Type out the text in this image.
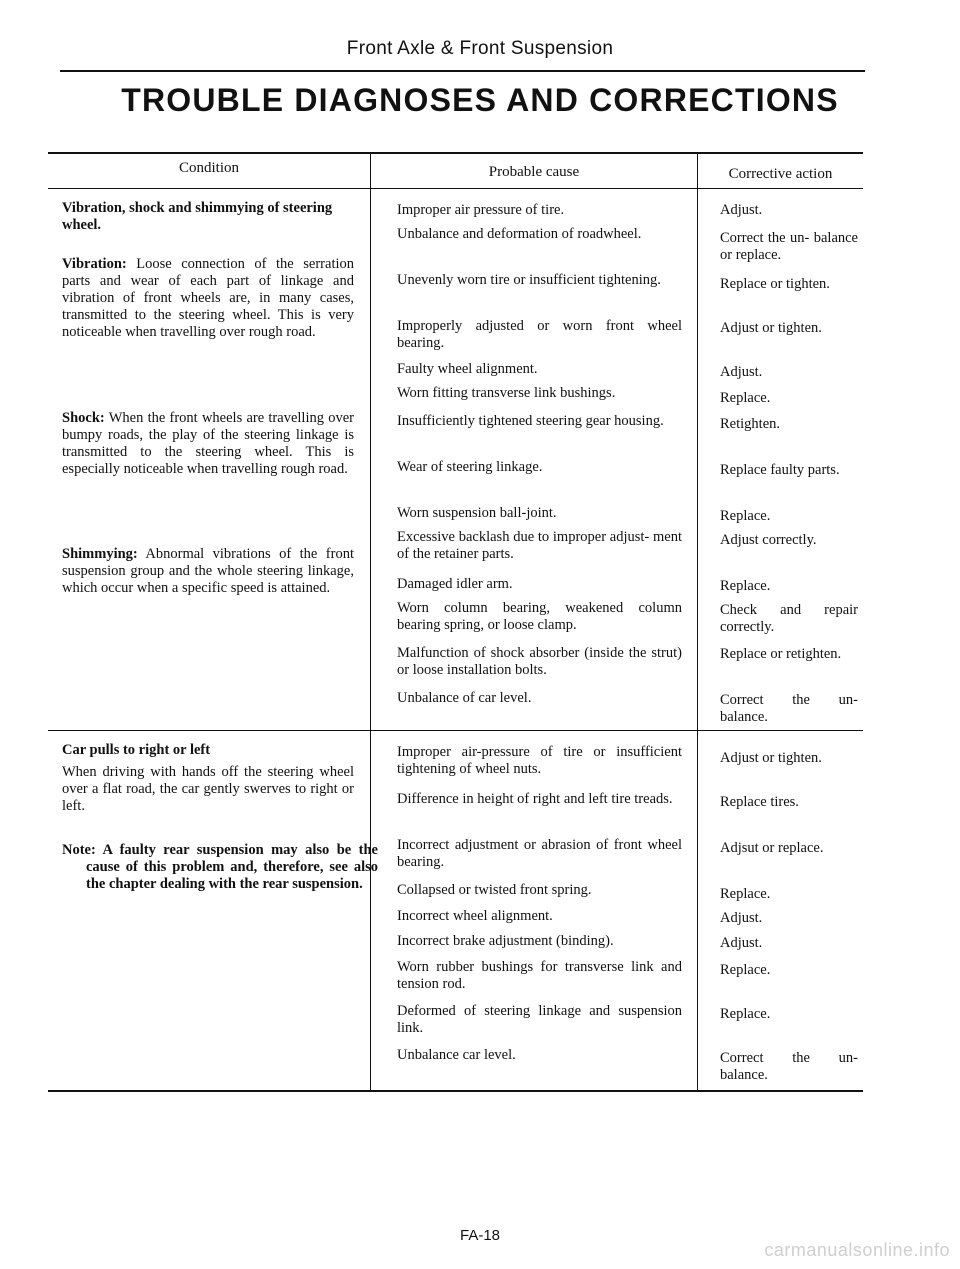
Front Axle & Front Suspension
TROUBLE DIAGNOSES AND CORRECTIONS
Condition	Probable cause	Corrective action
Vibration, shock and shimmying of steering wheel.
Vibration: Loose connection of the serration parts and wear of each part of linkage and vibration of front wheels are, in many cases, transmitted to the steering wheel. This is very noticeable when travelling over rough road.
Shock: When the front wheels are travelling over bumpy roads, the play of the steering linkage is transmitted to the steering wheel. This is especially noticeable when travelling rough road.
Shimmying: Abnormal vibrations of the front suspension group and the whole steering linkage, which occur when a specific speed is attained.
Improper air pressure of tire.
Unbalance and deformation of roadwheel.
Unevenly worn tire or insufficient tightening.
Improperly adjusted or worn front wheel bearing.
Faulty wheel alignment.
Worn fitting transverse link bushings.
Insufficiently tightened steering gear housing.
Wear of steering linkage.
Worn suspension ball-joint.
Excessive backlash due to improper adjust- ment of the retainer parts.
Damaged idler arm.
Worn column bearing, weakened column bearing spring, or loose clamp.
Malfunction of shock absorber (inside the strut) or loose installation bolts.
Unbalance of car level.
Adjust.
Correct the un- balance or replace.
Replace or tighten.
Adjust or tighten.
Adjust.
Replace.
Retighten.
Replace faulty parts.
Replace.
Adjust correctly.
Replace.
Check and repair correctly.
Replace or retighten.
Correct the un- balance.
Car pulls to right or left
When driving with hands off the steering wheel over a flat road, the car gently swerves to right or left.
Note: A faulty rear suspension may also be the cause of this problem and, therefore, see also the chapter dealing with the rear suspension.
Improper air-pressure of tire or insufficient tightening of wheel nuts.
Difference in height of right and left tire treads.
Incorrect adjustment or abrasion of front wheel bearing.
Collapsed or twisted front spring.
Incorrect wheel alignment.
Incorrect brake adjustment (binding).
Worn rubber bushings for transverse link and tension rod.
Deformed of steering linkage and suspension link.
Unbalance car level.
Adjust or tighten.
Replace tires.
Adjsut or replace.
Replace.
Adjust.
Adjust.
Replace.
Replace.
Correct the un- balance.
FA-18
carmanualsonline.info
